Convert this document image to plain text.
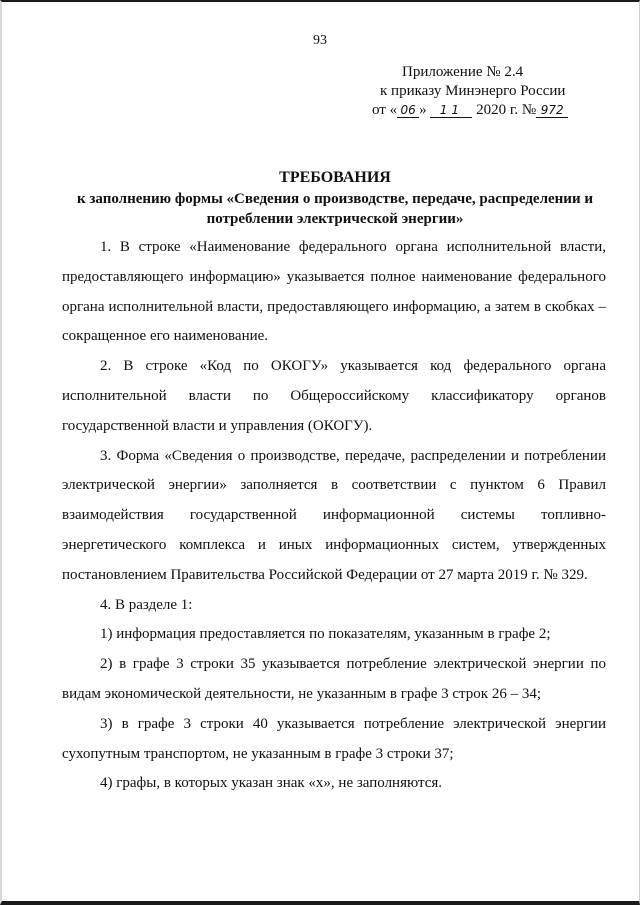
93
Приложение № 2.4
к приказу Минэнерго России
от « 06 » 11 2020 г. № 972
ТРЕБОВАНИЯ
к заполнению формы «Сведения о производстве, передаче, распределении и
потреблении электрической энергии»

1. В строке «Наименование федерального органа исполнительной власти, предоставляющего информацию» указывается полное наименование федерального органа исполнительной власти, предоставляющего информацию, а затем в скобках – сокращенное его наименование.

2. В строке «Код по ОКОГУ» указывается код федерального органа исполнительной власти по Общероссийскому классификатору органов государственной власти и управления (ОКОГУ).

3. Форма «Сведения о производстве, передаче, распределении и потреблении электрической энергии» заполняется в соответствии с пунктом 6 Правил взаимодействия государственной информационной системы топливно-энергетического комплекса и иных информационных систем, утвержденных постановлением Правительства Российской Федерации от 27 марта 2019 г. № 329.

4. В разделе 1:

1) информация предоставляется по показателям, указанным в графе 2;

2) в графе 3 строки 35 указывается потребление электрической энергии по видам экономической деятельности, не указанным в графе 3 строк 26 – 34;

3) в графе 3 строки 40 указывается потребление электрической энергии сухопутным транспортом, не указанным в графе 3 строки 37;

4) графы, в которых указан знак «х», не заполняются.
